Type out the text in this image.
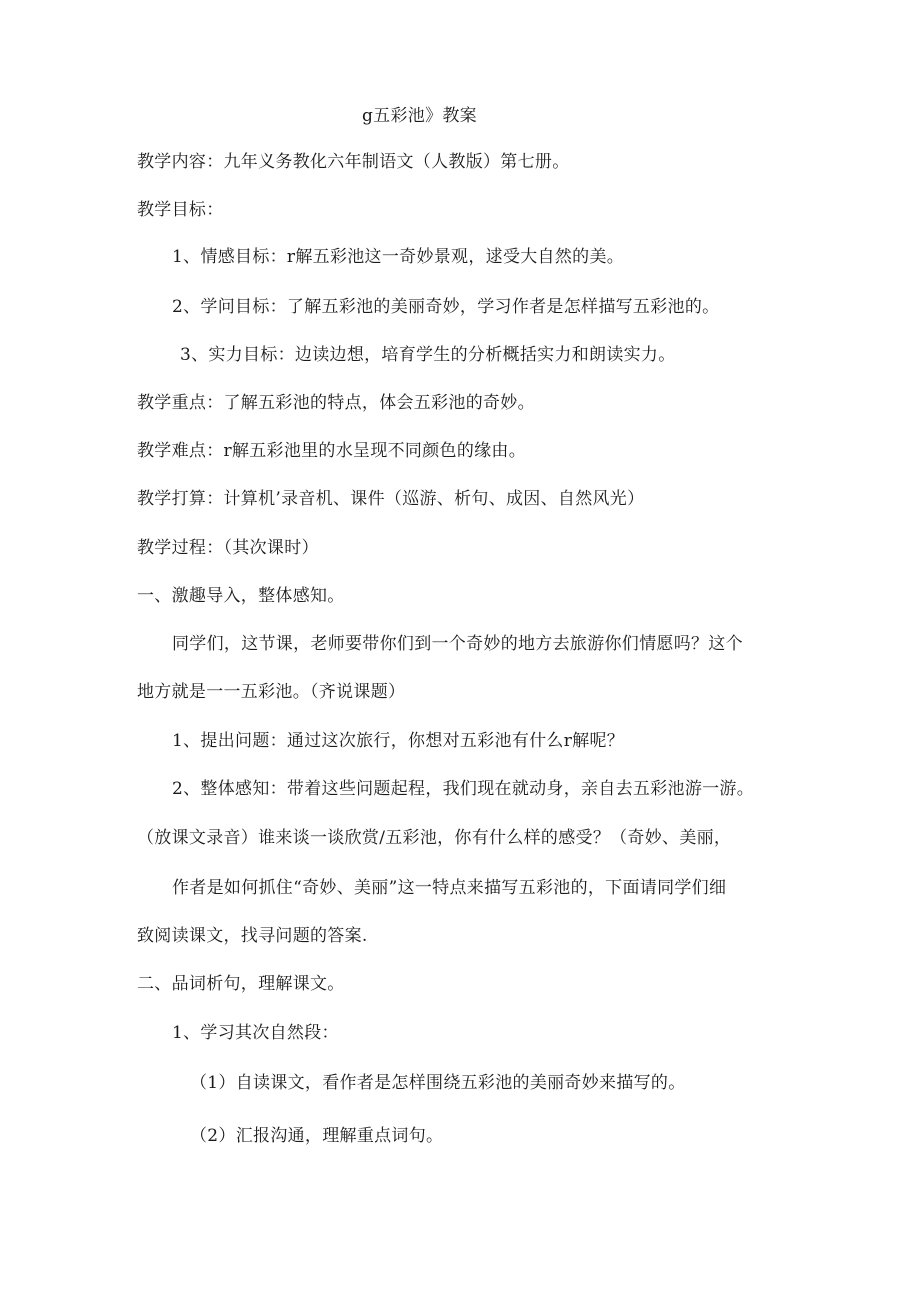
g五彩池》教案
教学内容：九年义务教化六年制语文（人教版）第七册。
教学目标：
1、情感目标：r解五彩池这一奇妙景观，逑受大自然的美。
2、学问目标：了解五彩池的美丽奇妙，学习作者是怎样描写五彩池的。
3、实力目标：边读边想，培育学生的分析概括实力和朗读实力。
教学重点：了解五彩池的特点，体会五彩池的奇妙。
教学难点：r解五彩池里的水呈现不同颜色的缘由。
教学打算：计算机’录音机、课件（巡游、析句、成因、自然风光）
教学过程：（其次课时）
一、激趣导入，整体感知。
同学们，这节课，老师要带你们到一个奇妙的地方去旅游你们情愿吗？这个
地方就是一一五彩池。（齐说课题）
1、提出问题：通过这次旅行，你想对五彩池有什么r解呢？
2、整体感知：带着这些问题起程，我们现在就动身，亲自去五彩池游一游。
（放课文录音）谁来谈一谈欣赏/五彩池，你有什么样的感受？（奇妙、美丽，
作者是如何抓住“奇妙、美丽”这一特点来描写五彩池的，下面请同学们细
致阅读课文，找寻问题的答案.
二、品词析句，理解课文。
1、学习其次自然段：
（1）自读课文，看作者是怎样围绕五彩池的美丽奇妙来描写的。
（2）汇报沟通，理解重点词句。
